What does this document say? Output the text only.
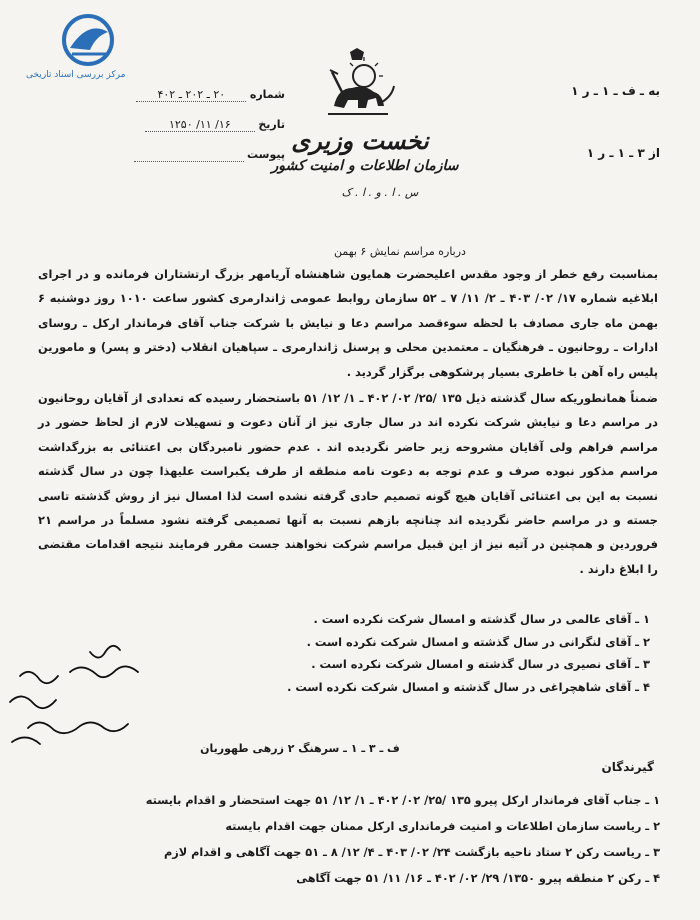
مرکز بررسی اسناد تاریخی
شماره ۲۰ ـ ۲۰۲ ـ ۴۰۲
تاریخ ۱۶/ ۱۱/ ۱۲۵۰
پیوست
به ـ ف ـ ۱ ـ ر ۱
از ۳ ـ ۱ ـ ر ۱
نخست وزیری
سازمان اطلاعات و امنیت کشور
س . ا . و . ا . ک
درباره مراسم نمایش ۶ بهمن
بمناسبت رفع خطر از وجود مقدس اعلیحضرت همایون شاهنشاه آریامهر بزرگ ارتشتاران فرمانده و در اجرای ابلاغیه شماره ۱۷/ ۰۲/ ۴۰۳ ـ ۲/ ۱۱/ ۷ ـ ۵۲ سازمان روابط عمومی ژاندارمری کشور ساعت ۱۰۱۰ روز دوشنبه ۶ بهمن ماه جاری مصادف با لحظه سوءقصد مراسم دعا و نیایش با شرکت جناب آقای فرماندار ارکل ـ روسای ادارات ـ روحانیون ـ فرهنگیان ـ معتمدین محلی و پرسنل ژاندارمری ـ سپاهیان انقلاب (دختر و پسر) و مامورین پلیس راه آهن با خاطری بسیار پرشکوهی برگزار گردید .
ضمناً همانطوریکه سال گذشته ذیل ۱۳۵ /۲۵/ ۰۲/ ۴۰۲ ـ ۱/ ۱۲/ ۵۱ باستحضار رسیده که تعدادی از آقایان روحانیون در مراسم دعا و نیایش شرکت نکرده اند در سال جاری نیز از آنان دعوت و تسهیلات لازم از لحاظ حضور در مراسم فراهم ولی آقایان مشروحه زیر حاضر نگردیده اند . عدم حضور نامبردگان بی اعتنائی به بزرگداشت مراسم مذکور نبوده صرف و عدم توجه به دعوت نامه منطقه از طرف یکبراست علیهذا چون در سال گذشته نسبت به این بی اعتنائی آقایان هیچ گونه تصمیم حادی گرفته نشده است لذا امسال نیز از روش گذشته تاسی جسته و در مراسم حاضر نگردیده اند چنانچه بازهم نسبت به آنها تصمیمی گرفته نشود مسلماً در مراسم ۲۱ فروردین و همچنین در آتیه نیز از این قبیل مراسم شرکت نخواهند جست مقرر فرمایند نتیجه اقدامات مقتضی را ابلاغ دارند .
۱ ـ آقای عالمی در سال گذشته و امسال شرکت نکرده است .
۲ ـ آقای لنگرانی در سال گذشته و امسال شرکت نکرده است .
۳ ـ آقای نصیری در سال گذشته و امسال شرکت نکرده است .
۴ ـ آقای شاهچراغی در سال گذشته و امسال شرکت نکرده است .
ف ـ ۳ ـ ۱ ـ سرهنگ ۲ زرهی طهوریان
گیرندگان
۱ ـ جناب آقای فرماندار ارکل پیرو ۱۳۵ /۲۵/ ۰۲/ ۴۰۲ ـ ۱/ ۱۲/ ۵۱ جهت استحضار و اقدام بایسته
۲ ـ ریاست سازمان اطلاعات و امنیت فرمانداری ارکل ممنان جهت اقدام بایسته
۳ ـ ریاست رکن ۲ ستاد ناحیه بازگشت ۲۴/ ۰۲/ ۴۰۳ ـ ۴/ ۱۲/ ۸ ـ ۵۱ جهت آگاهی و اقدام لازم
۴ ـ رکن ۲ منطقه پیرو ۱۳۵۰/ ۲۹/ ۰۲/ ۴۰۲ ـ ۱۶/ ۱۱/ ۵۱ جهت آگاهی
